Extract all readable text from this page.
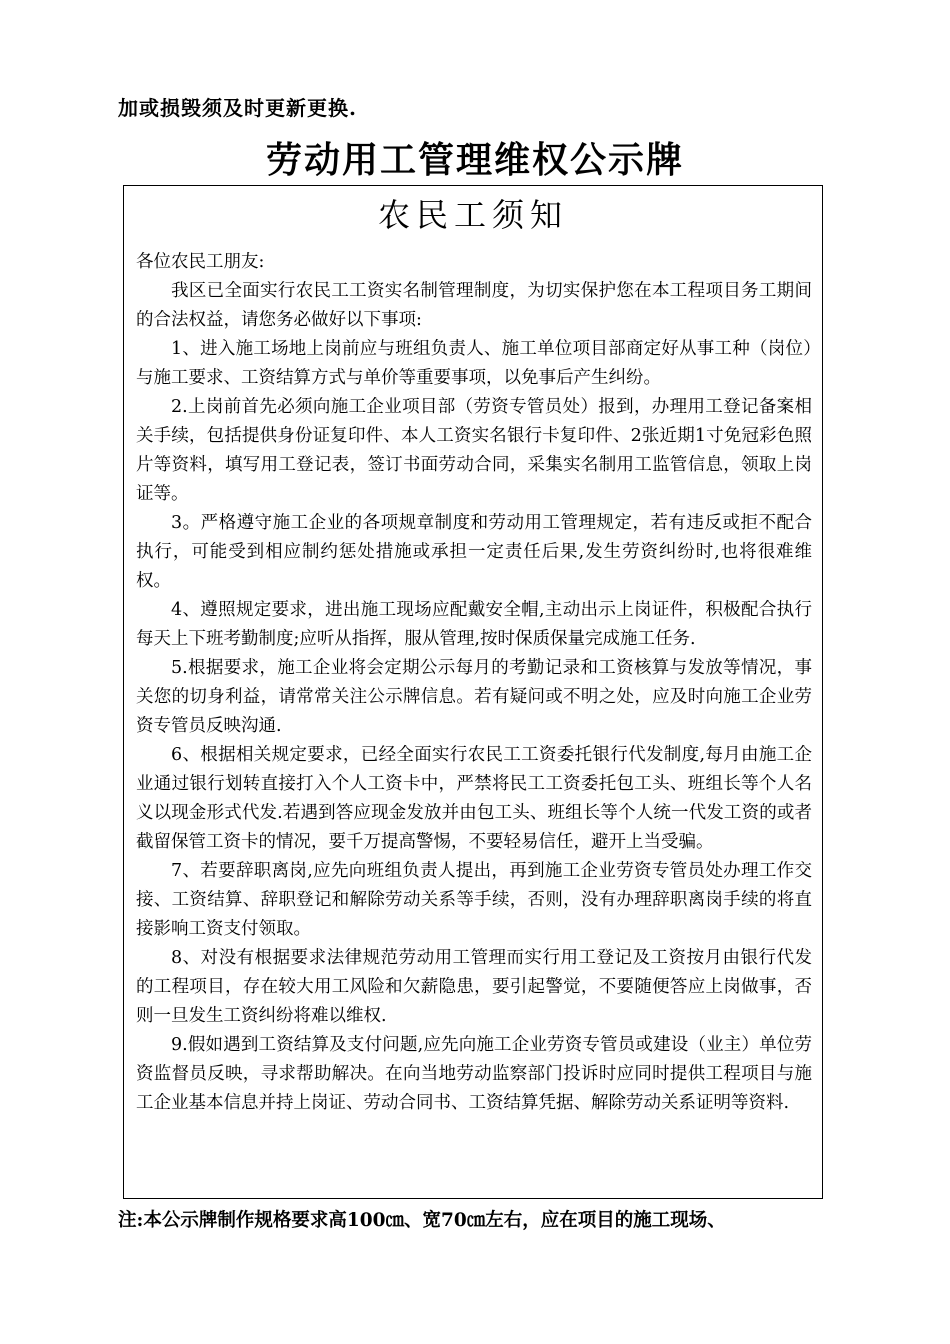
加或损毁须及时更新更换.
劳动用工管理维权公示牌
农民工须知

各位农民工朋友:

我区已全面实行农民工工资实名制管理制度，为切实保护您在本工程项目务工期间的合法权益，请您务必做好以下事项:

1、进入施工场地上岗前应与班组负责人、施工单位项目部商定好从事工种（岗位）与施工要求、工资结算方式与单价等重要事项，以免事后产生纠纷。

2.上岗前首先必须向施工企业项目部（劳资专管员处）报到，办理用工登记备案相关手续，包括提供身份证复印件、本人工资实名银行卡复印件、2张近期1寸免冠彩色照片等资料，填写用工登记表，签订书面劳动合同，采集实名制用工监管信息，领取上岗证等。

3。严格遵守施工企业的各项规章制度和劳动用工管理规定，若有违反或拒不配合执行，可能受到相应制约惩处措施或承担一定责任后果,发生劳资纠纷时,也将很难维权。

4、遵照规定要求，进出施工现场应配戴安全帽,主动出示上岗证件，积极配合执行每天上下班考勤制度;应听从指挥，服从管理,按时保质保量完成施工任务.

5.根据要求，施工企业将会定期公示每月的考勤记录和工资核算与发放等情况，事关您的切身利益，请常常关注公示牌信息。若有疑问或不明之处，应及时向施工企业劳资专管员反映沟通.

6、根据相关规定要求，已经全面实行农民工工资委托银行代发制度,每月由施工企业通过银行划转直接打入个人工资卡中，严禁将民工工资委托包工头、班组长等个人名义以现金形式代发.若遇到答应现金发放并由包工头、班组长等个人统一代发工资的或者截留保管工资卡的情况，要千万提高警惕，不要轻易信任，避开上当受骗。

7、若要辞职离岗,应先向班组负责人提出，再到施工企业劳资专管员处办理工作交接、工资结算、辞职登记和解除劳动关系等手续，否则，没有办理辞职离岗手续的将直接影响工资支付领取。

8、对没有根据要求法律规范劳动用工管理而实行用工登记及工资按月由银行代发的工程项目，存在较大用工风险和欠薪隐患，要引起警觉，不要随便答应上岗做事，否则一旦发生工资纠纷将难以维权.

9.假如遇到工资结算及支付问题,应先向施工企业劳资专管员或建设（业主）单位劳资监督员反映，寻求帮助解决。在向当地劳动监察部门投诉时应同时提供工程项目与施工企业基本信息并持上岗证、劳动合同书、工资结算凭据、解除劳动关系证明等资料.

注:本公示牌制作规格要求高100㎝、宽70㎝左右，应在项目的施工现场、
